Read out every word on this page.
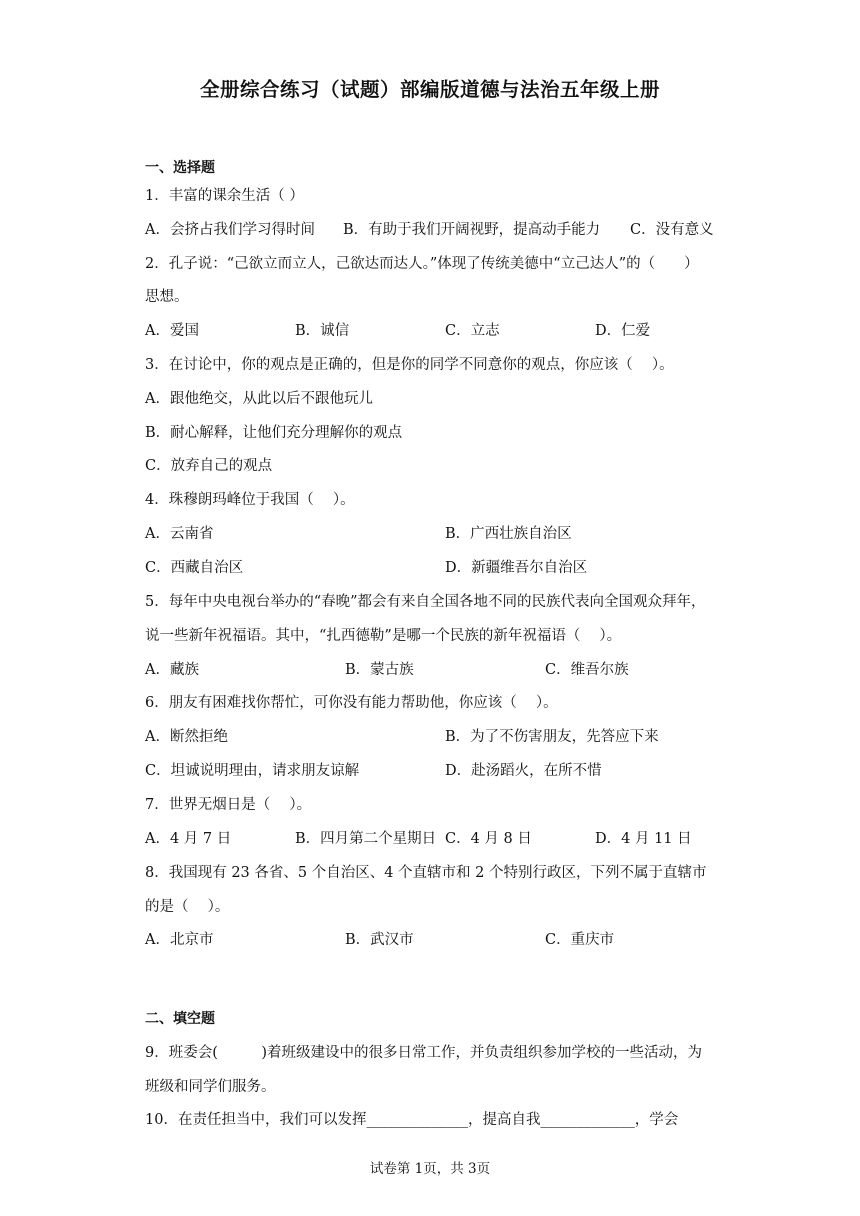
全册综合练习（试题）部编版道德与法治五年级上册
一、选择题
1．丰富的课余生活（ ）
A．会挤占我们学习得时间 B．有助于我们开阔视野，提高动手能力 C．没有意义
2．孔子说：“己欲立而立人，己欲达而达人。”体现了传统美德中“立己达人”的（　　）
思想。
A．爱国	B．诚信	C．立志	D．仁爱
3．在讨论中，你的观点是正确的，但是你的同学不同意你的观点，你应该（　 ）。
A．跟他绝交，从此以后不跟他玩儿
B．耐心解释，让他们充分理解你的观点
C．放弃自己的观点
4．珠穆朗玛峰位于我国（　 ）。
A．云南省	B．广西壮族自治区
C．西藏自治区	D．新疆维吾尔自治区
5．每年中央电视台举办的“春晚”都会有来自全国各地不同的民族代表向全国观众拜年，
说一些新年祝福语。其中，“扎西德勒”是哪一个民族的新年祝福语（　 ）。
A．藏族	B．蒙古族	C．维吾尔族
6．朋友有困难找你帮忙，可你没有能力帮助他，你应该（　 ）。
A．断然拒绝	B．为了不伤害朋友，先答应下来
C．坦诚说明理由，请求朋友谅解	D．赴汤蹈火，在所不惜
7．世界无烟日是（　 ）。
A．4 月 7 日	B．四月第二个星期日 C．4 月 8 日	D．4 月 11 日
8．我国现有 23 各省、5 个自治区、4 个直辖市和 2 个特别行政区，下列不属于直辖市
的是（　 ）。
A．北京市	B．武汉市	C．重庆市
二、填空题
9．班委会(　　　)着班级建设中的很多日常工作，并负责组织参加学校的一些活动，为
班级和同学们服务。
10．在责任担当中，我们可以发挥______________，提高自我_____________，学会
试卷第 1页，共 3页
